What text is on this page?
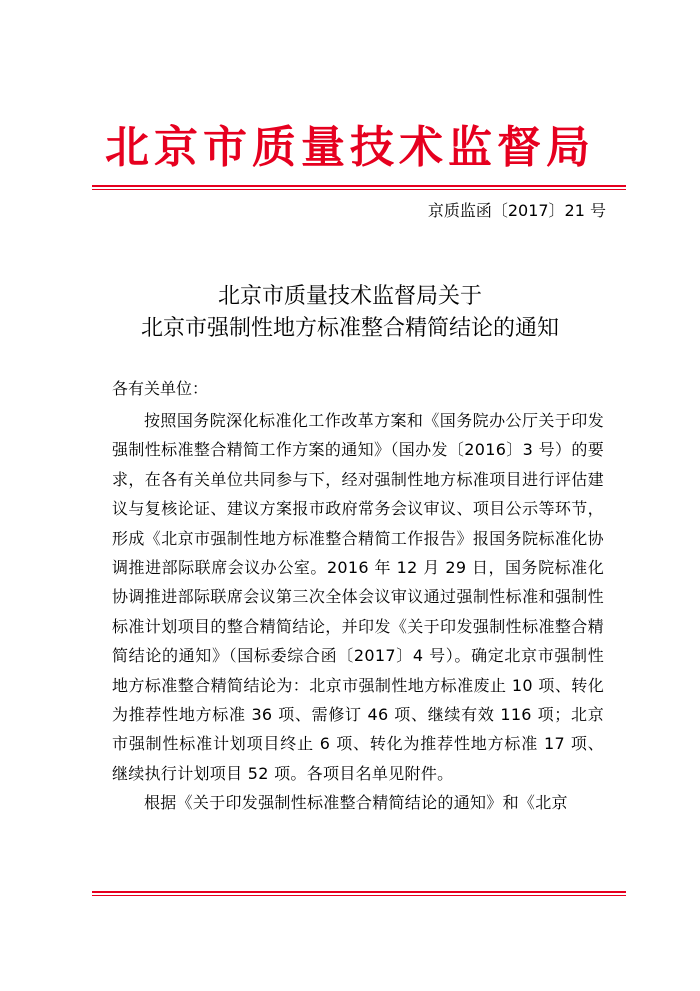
北京市质量技术监督局
京质监函〔2017〕21 号
北京市质量技术监督局关于
北京市强制性地方标准整合精简结论的通知
各有关单位：

按照国务院深化标准化工作改革方案和《国务院办公厅关于印发强制性标准整合精简工作方案的通知》（国办发〔2016〕3 号）的要求，在各有关单位共同参与下，经对强制性地方标准项目进行评估建议与复核论证、建议方案报市政府常务会议审议、项目公示等环节，形成《北京市强制性地方标准整合精简工作报告》报国务院标准化协调推进部际联席会议办公室。2016 年 12 月 29 日，国务院标准化协调推进部际联席会议第三次全体会议审议通过强制性标准和强制性标准计划项目的整合精简结论，并印发《关于印发强制性标准整合精简结论的通知》（国标委综合函〔2017〕4 号）。确定北京市强制性地方标准整合精简结论为：北京市强制性地方标准废止 10 项、转化为推荐性地方标准 36 项、需修订 46 项、继续有效 116 项；北京市强制性标准计划项目终止 6 项、转化为推荐性地方标准 17 项、继续执行计划项目 52 项。各项目名单见附件。

根据《关于印发强制性标准整合精简结论的通知》和《北京
